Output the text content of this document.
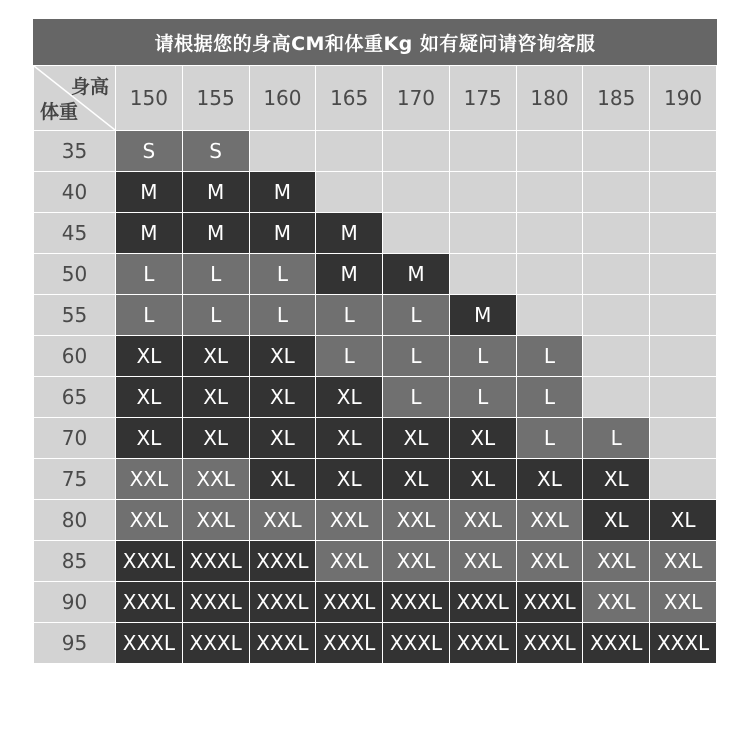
请根据您的身高CM和体重Kg 如有疑问请咨询客服
身高
体重	150	155	160	165	170	175	180	185	190
35	S	S							
40	M	M	M						
45	M	M	M	M					
50	L	L	L	M	M				
55	L	L	L	L	L	M			
60	XL	XL	XL	L	L	L	L		
65	XL	XL	XL	XL	L	L	L		
70	XL	XL	XL	XL	XL	XL	L	L	
75	XXL	XXL	XL	XL	XL	XL	XL	XL	
80	XXL	XXL	XXL	XXL	XXL	XXL	XXL	XL	XL
85	XXXL	XXXL	XXXL	XXL	XXL	XXL	XXL	XXL	XXL
90	XXXL	XXXL	XXXL	XXXL	XXXL	XXXL	XXXL	XXL	XXL
95	XXXL	XXXL	XXXL	XXXL	XXXL	XXXL	XXXL	XXXL	XXXL
